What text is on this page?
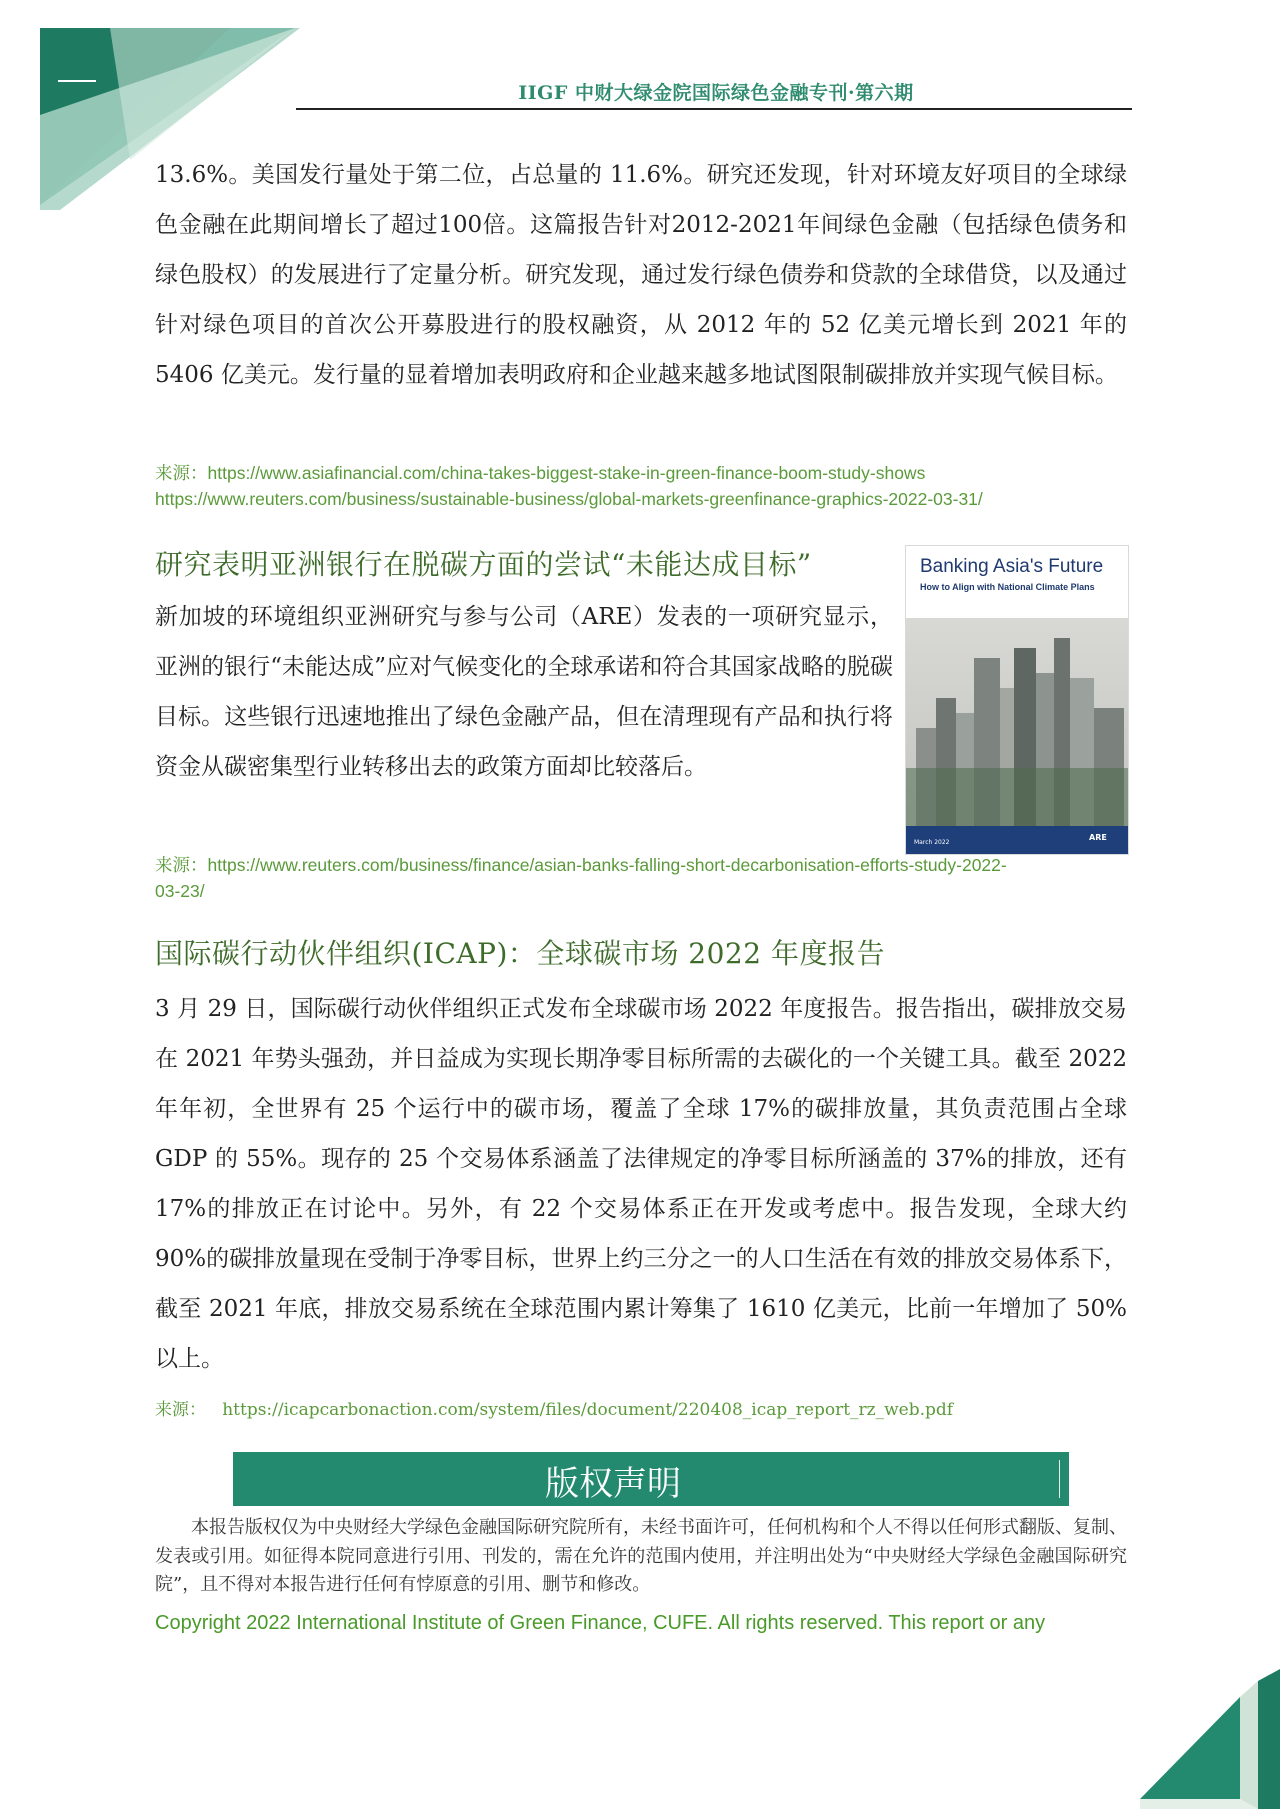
IIGF 中财大绿金院国际绿色金融专刊·第六期

13.6%。美国发行量处于第二位，占总量的 11.6%。研究还发现，针对环境友好项目的全球绿色金融在此期间增长了超过100倍。这篇报告针对2012-2021年间绿色金融（包括绿色债务和绿色股权）的发展进行了定量分析。研究发现，通过发行绿色债券和贷款的全球借贷，以及通过针对绿色项目的首次公开募股进行的股权融资，从 2012 年的 52 亿美元增长到 2021 年的 5406 亿美元。发行量的显着增加表明政府和企业越来越多地试图限制碳排放并实现气候目标。

来源：https://www.asiafinancial.com/china-takes-biggest-stake-in-green-finance-boom-study-shows
https://www.reuters.com/business/sustainable-business/global-markets-greenfinance-graphics-2022-03-31/

研究表明亚洲银行在脱碳方面的尝试“未能达成目标”

新加坡的环境组织亚洲研究与参与公司（ARE）发表的一项研究显示，亚洲的银行“未能达成”应对气候变化的全球承诺和符合其国家战略的脱碳目标。这些银行迅速地推出了绿色金融产品，但在清理现有产品和执行将资金从碳密集型行业转移出去的政策方面却比较落后。

Banking Asia's Future
How to Align with National Climate Plans
March 2022
ARE

来源：https://www.reuters.com/business/finance/asian-banks-falling-short-decarbonisation-efforts-study-2022-
03-23/

国际碳行动伙伴组织(ICAP)：全球碳市场 2022 年度报告

3 月 29 日，国际碳行动伙伴组织正式发布全球碳市场 2022 年度报告。报告指出，碳排放交易在 2021 年势头强劲，并日益成为实现长期净零目标所需的去碳化的一个关键工具。截至 2022 年年初，全世界有 25 个运行中的碳市场，覆盖了全球 17%的碳排放量，其负责范围占全球 GDP 的 55%。现存的 25 个交易体系涵盖了法律规定的净零目标所涵盖的 37%的排放，还有 17%的排放正在讨论中。另外，有 22 个交易体系正在开发或考虑中。报告发现，全球大约 90%的碳排放量现在受制于净零目标，世界上约三分之一的人口生活在有效的排放交易体系下，截至 2021 年底，排放交易系统在全球范围内累计筹集了 1610 亿美元，比前一年增加了 50%以上。

来源： https://icapcarbonaction.com/system/files/document/220408_icap_report_rz_web.pdf

版权声明

本报告版权仅为中央财经大学绿色金融国际研究院所有，未经书面许可，任何机构和个人不得以任何形式翻版、复制、发表或引用。如征得本院同意进行引用、刊发的，需在允许的范围内使用，并注明出处为“中央财经大学绿色金融国际研究院”，且不得对本报告进行任何有悖原意的引用、删节和修改。

Copyright 2022 International Institute of Green Finance, CUFE. All rights reserved. This report or any
